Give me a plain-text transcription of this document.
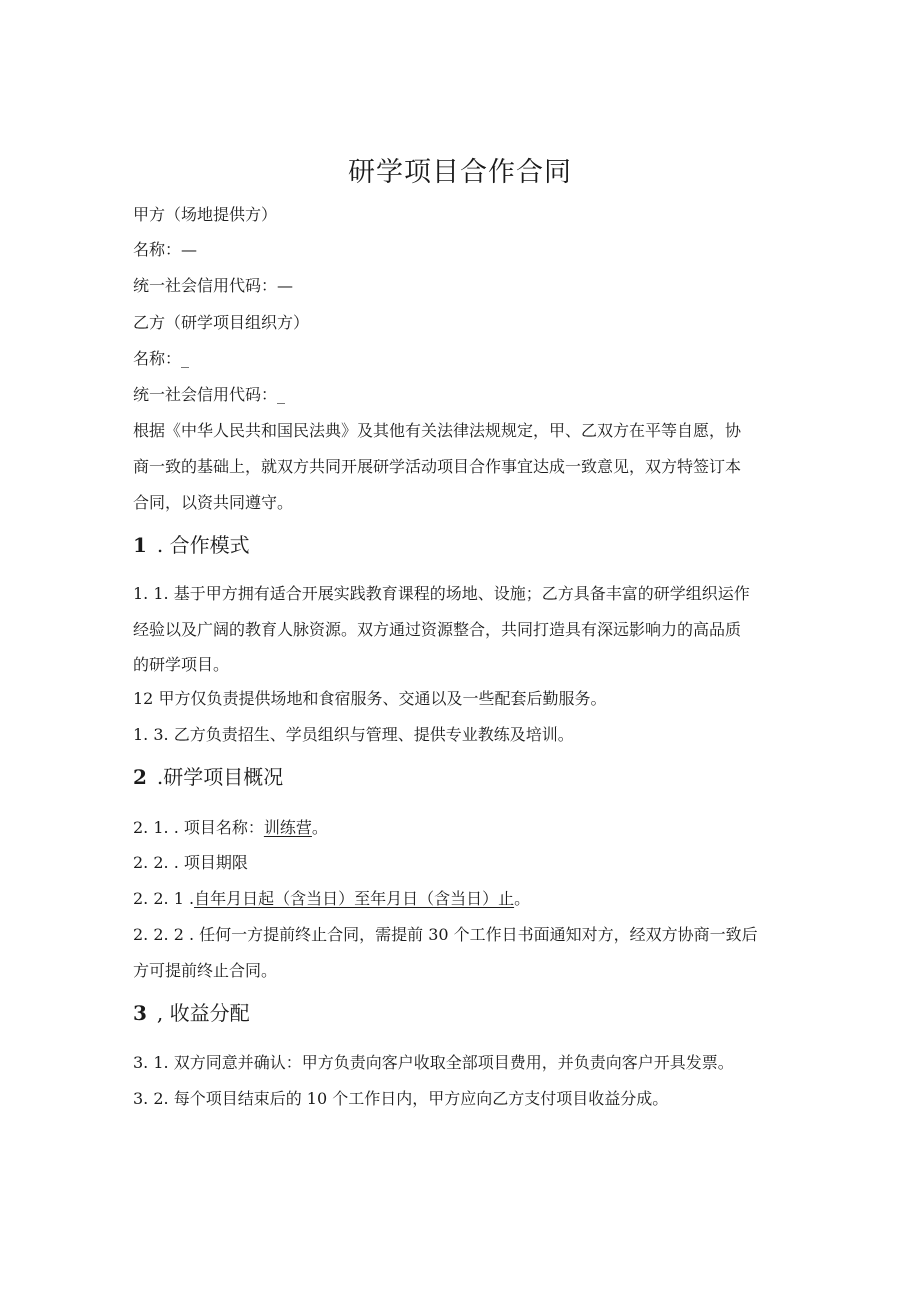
研学项目合作合同
甲方（场地提供方）
名称：—
统一社会信用代码：—
乙方（研学项目组织方）
名称：_
统一社会信用代码：_
根据《中华人民共和国民法典》及其他有关法律法规规定，甲、乙双方在平等自愿，协
商一致的基础上，就双方共同开展研学活动项目合作事宜达成一致意见，双方特签订本
合同，以资共同遵守。
1 . 合作模式
1. 1. 基于甲方拥有适合开展实践教育课程的场地、设施；乙方具备丰富的研学组织运作
经验以及广阔的教育人脉资源。双方通过资源整合，共同打造具有深远影响力的高品质
的研学项目。
12 甲方仅负责提供场地和食宿服务、交通以及一些配套后勤服务。
1. 3. 乙方负责招生、学员组织与管理、提供专业教练及培训。
2 .研学项目概况
2. 1. . 项目名称：训练营。
2. 2. . 项目期限
2. 2. 1 .自年月日起（含当日）至年月日（含当日）止。
2. 2. 2 . 任何一方提前终止合同，需提前 30 个工作日书面通知对方，经双方协商一致后
方可提前终止合同。
3 , 收益分配
3. 1. 双方同意并确认：甲方负责向客户收取全部项目费用，并负责向客户开具发票。
3. 2. 每个项目结束后的 10 个工作日内，甲方应向乙方支付项目收益分成。
